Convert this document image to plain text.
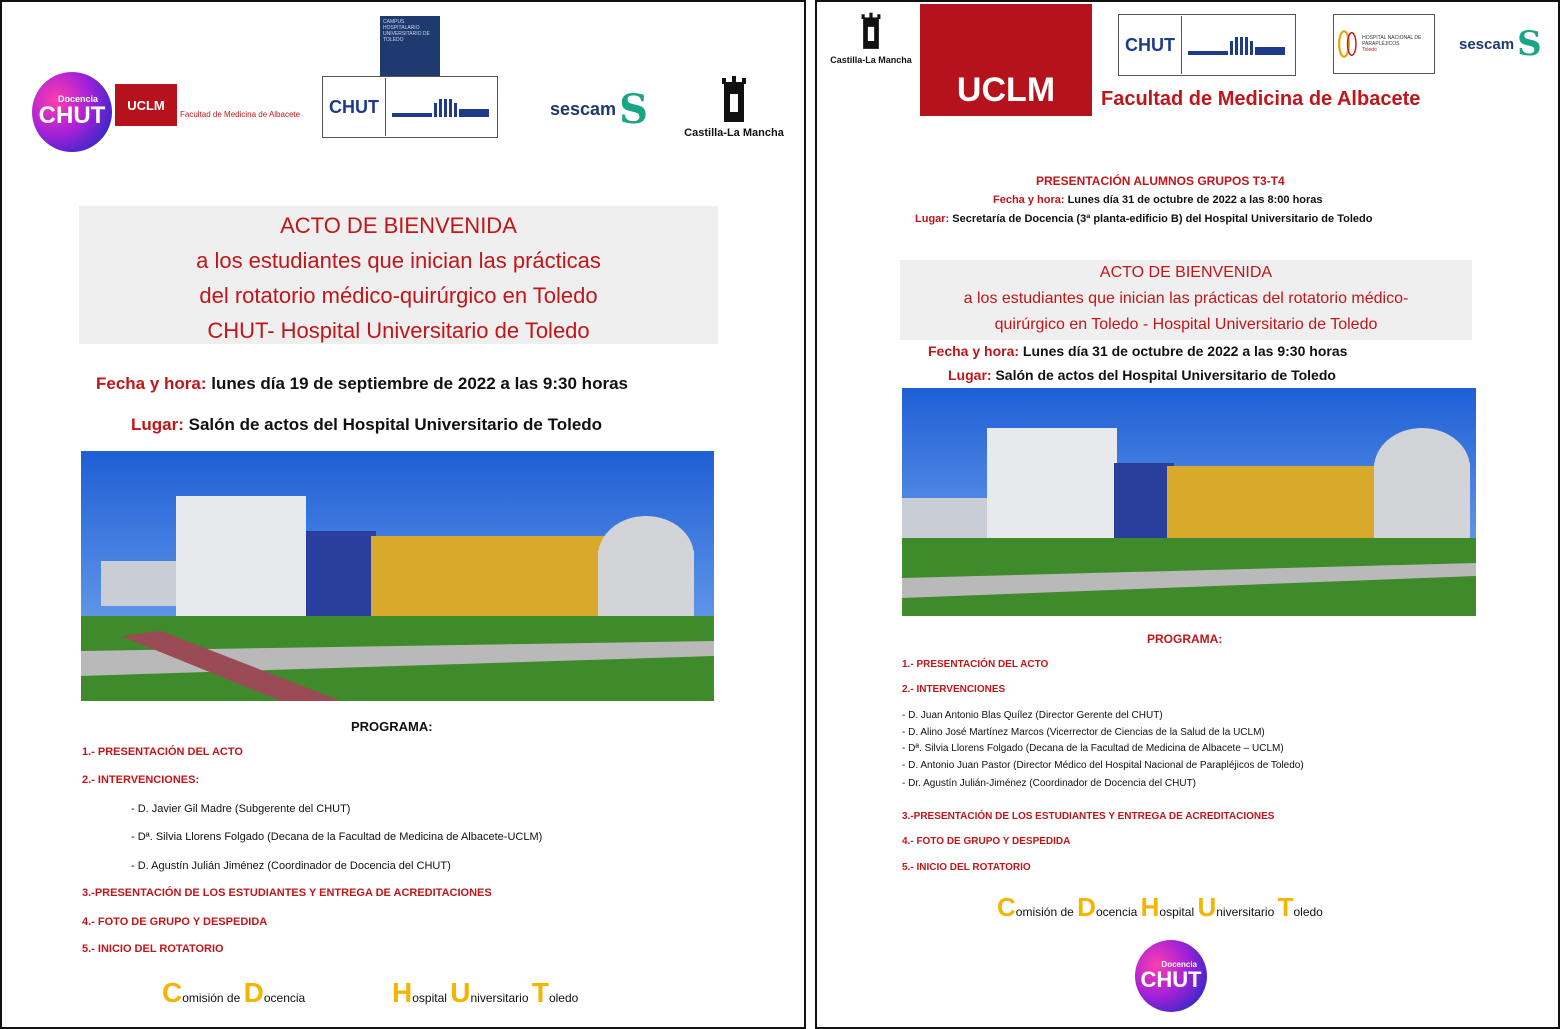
Docencia
CHUT UCLM
Facultad de Medicina de Albacete
CAMPUS HOSPITALARIO UNIVERSITARIO DE TOLEDO
CHUT	sescam S	Castilla-La Mancha
ACTO DE BIENVENIDA
a los estudiantes que inician las prácticas
del rotatorio médico-quirúrgico en Toledo
CHUT- Hospital Universitario de Toledo
Fecha y hora: lunes día 19 de septiembre de 2022 a las 9:30 horas
Lugar: Salón de actos del Hospital Universitario de Toledo
PROGRAMA:
1.- PRESENTACIÓN DEL ACTO
2.- INTERVENCIONES:
- D. Javier Gil Madre (Subgerente del CHUT)
- Dª. Silvia Llorens Folgado (Decana de la Facultad de Medicina de Albacete-UCLM)
- D. Agustín Julián Jiménez (Coordinador de Docencia del CHUT)
3.-PRESENTACIÓN DE LOS ESTUDIANTES Y ENTREGA DE ACREDITACIONES
4.- FOTO DE GRUPO Y DESPEDIDA
5.- INICIO DEL ROTATORIO
Comisión de Docencia	Hospital Universitario Toledo
Castilla-La Mancha
UCLM Facultad de Medicina de Albacete
CHUT	HOSPITAL NACIONAL DE PARAPLÉJICOS
Toledo	sescam S
PRESENTACIÓN ALUMNOS GRUPOS T3-T4
Fecha y hora: Lunes día 31 de octubre de 2022 a las 8:00 horas
Lugar: Secretaría de Docencia (3ª planta-edificio B) del Hospital Universitario de Toledo
ACTO DE BIENVENIDA
a los estudiantes que inician las prácticas del rotatorio médico-
quirúrgico en Toledo - Hospital Universitario de Toledo
Fecha y hora: Lunes día 31 de octubre de 2022 a las 9:30 horas
Lugar: Salón de actos del Hospital Universitario de Toledo
PROGRAMA:
1.- PRESENTACIÓN DEL ACTO
2.- INTERVENCIONES
- D. Juan Antonio Blas Quílez (Director Gerente del CHUT)
- D. Alino José Martínez Marcos (Vicerrector de Ciencias de la Salud de la UCLM)
- Dª. Silvia Llorens Folgado (Decana de la Facultad de Medicina de Albacete – UCLM)
- D. Antonio Juan Pastor (Director Médico del Hospital Nacional de Parapléjicos de Toledo)
- Dr. Agustín Julián-Jiménez (Coordinador de Docencia del CHUT)
3.-PRESENTACIÓN DE LOS ESTUDIANTES Y ENTREGA DE ACREDITACIONES
4.- FOTO DE GRUPO Y DESPEDIDA
5.- INICIO DEL ROTATORIO
Comisión de Docencia Hospital Universitario Toledo
Docencia
CHUT
